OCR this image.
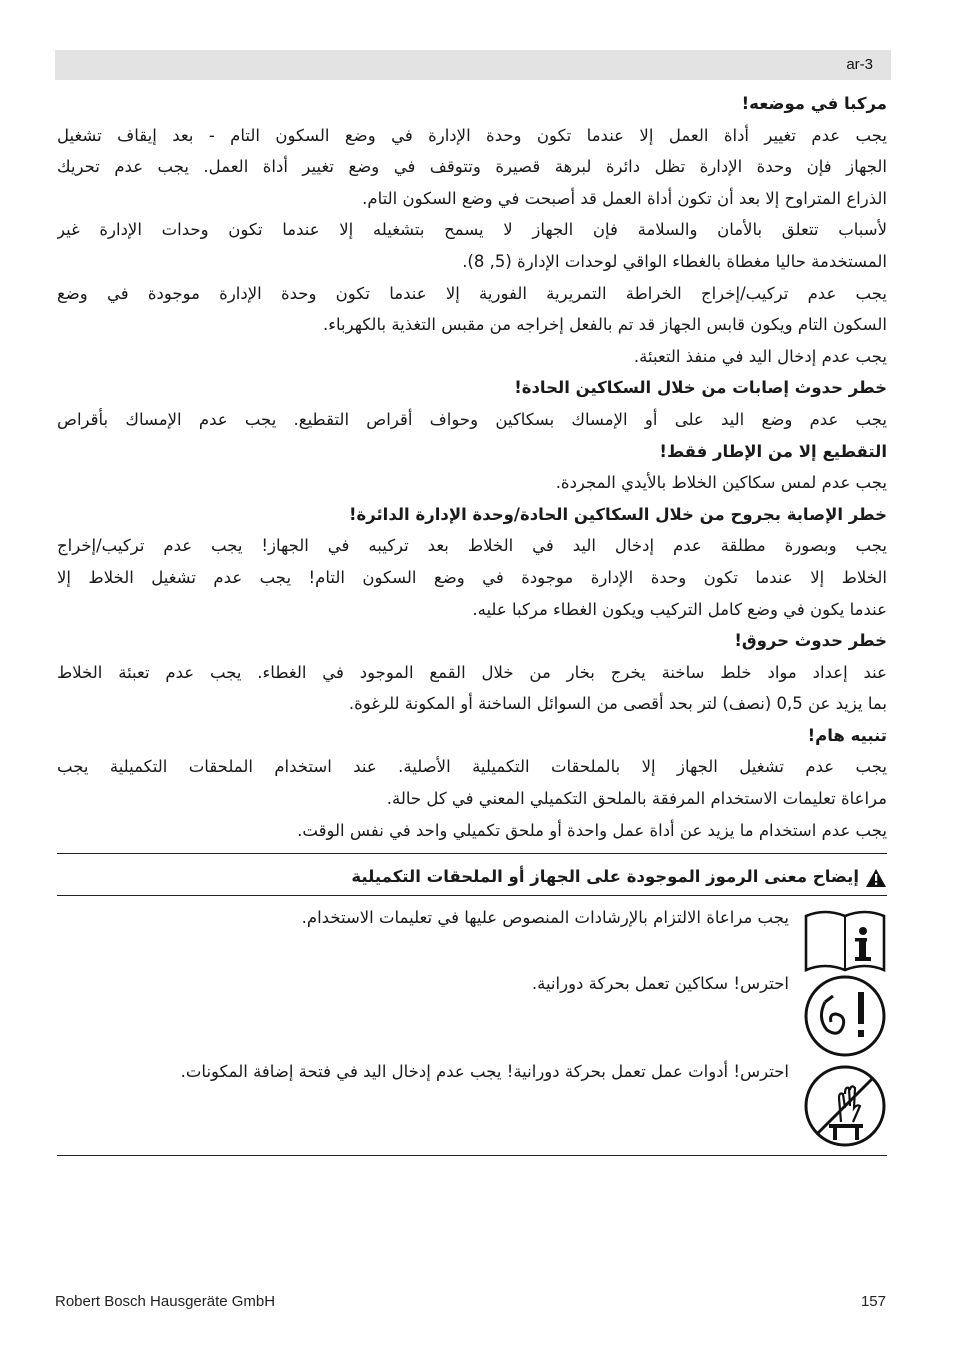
ar-3
مركبا في موضعه!
يجب عدم تغيير أداة العمل إلا عندما تكون وحدة الإدارة في وضع السكون التام - بعد إيقاف تشغيل
الجهاز فإن وحدة الإدارة تظل دائرة لبرهة قصيرة وتتوقف في وضع تغيير أداة العمل. يجب عدم تحريك
الذراع المتراوح إلا بعد أن تكون أداة العمل قد أصبحت في وضع السكون التام.
لأسباب تتعلق بالأمان والسلامة فإن الجهاز لا يسمح بتشغيله إلا عندما تكون وحدات الإدارة غير
المستخدمة حاليا مغطاة بالغطاء الواقي لوحدات الإدارة (5, 8).
يجب عدم تركيب/إخراج الخراطة التمريرية الفورية إلا عندما تكون وحدة الإدارة موجودة في وضع
السكون التام ويكون قابس الجهاز قد تم بالفعل إخراجه من مقبس التغذية بالكهرباء.
يجب عدم إدخال اليد في منفذ التعبئة.
خطر حدوث إصابات من خلال السكاكين الحادة!
يجب عدم وضع اليد على أو الإمساك بسكاكين وحواف أقراص التقطيع. يجب عدم الإمساك بأقراص
التقطيع إلا من الإطار فقط!
يجب عدم لمس سكاكين الخلاط بالأيدي المجردة.
خطر الإصابة بجروح من خلال السكاكين الحادة/وحدة الإدارة الدائرة!
يجب وبصورة مطلقة عدم إدخال اليد في الخلاط بعد تركيبه في الجهاز! يجب عدم تركيب/إخراج
الخلاط إلا عندما تكون وحدة الإدارة موجودة في وضع السكون التام! يجب عدم تشغيل الخلاط إلا
عندما يكون في وضع كامل التركيب ويكون الغطاء مركبا عليه.
خطر حدوث حروق!
عند إعداد مواد خلط ساخنة يخرج بخار من خلال القمع الموجود في الغطاء. يجب عدم تعبئة الخلاط
بما يزيد عن 0,5 (نصف) لتر بحد أقصى من السوائل الساخنة أو المكونة للرغوة.
تنبيه هام!
يجب عدم تشغيل الجهاز إلا بالملحقات التكميلية الأصلية. عند استخدام الملحقات التكميلية يجب
مراعاة تعليمات الاستخدام المرفقة بالملحق التكميلي المعني في كل حالة.
يجب عدم استخدام ما يزيد عن أداة عمل واحدة أو ملحق تكميلي واحد في نفس الوقت.
إيضاح معنى الرموز الموجودة على الجهاز أو الملحقات التكميلية
يجب مراعاة الالتزام بالإرشادات المنصوص عليها في تعليمات الاستخدام.
احترس! سكاكين تعمل بحركة دورانية.
احترس! أدوات عمل تعمل بحركة دورانية! يجب عدم إدخال اليد في فتحة إضافة المكونات.
Robert Bosch Hausgeräte GmbH	157
